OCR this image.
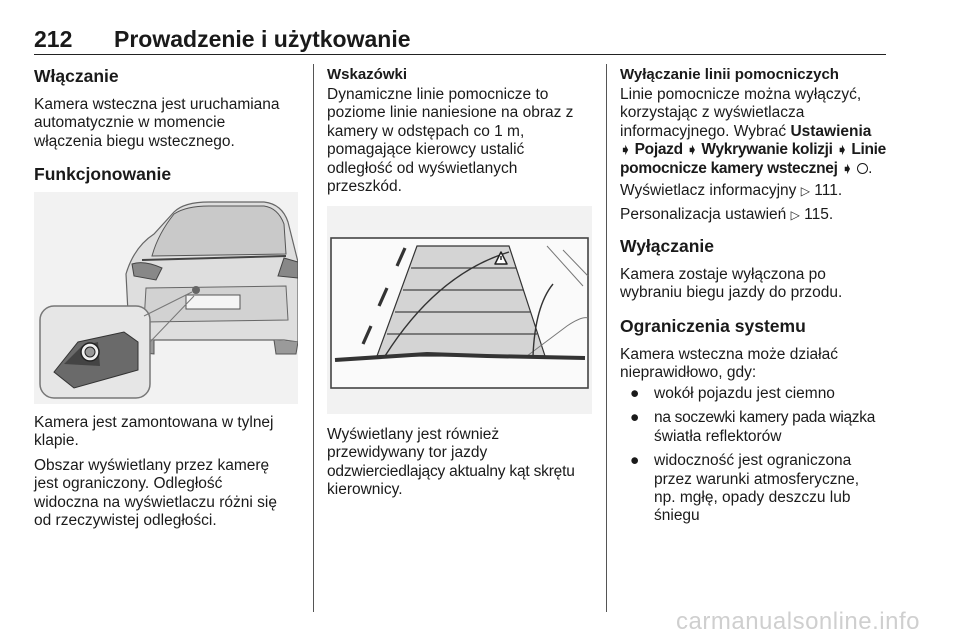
212 Prowadzenie i użytkowanie
Włączanie
Kamera wsteczna jest uruchamiana
automatycznie w momencie
włączenia biegu wstecznego.
Funkcjonowanie
Kamera jest zamontowana w tylnej
klapie.
Obszar wyświetlany przez kamerę
jest ograniczony. Odległość
widoczna na wyświetlaczu różni się
od rzeczywistej odległości.
Wskazówki
Dynamiczne linie pomocnicze to
poziome linie naniesione na obraz z
kamery w odstępach co 1 m,
pomagające kierowcy ustalić
odległość od wyświetlanych
przeszkód.
Wyświetlany jest również
przewidywany tor jazdy
odzwierciedlający aktualny kąt skrętu
kierownicy.
Wyłączanie linii pomocniczych
Linie pomocnicze można wyłączyć,
korzystając z wyświetlacza
informacyjnego. Wybrać Ustawienia
➧ Pojazd ➧ Wykrywanie kolizji ➧ Linie
pomocnicze kamery wstecznej ➧ .
Wyświetlacz informacyjny ▷ 111.
Personalizacja ustawień ▷ 115.
Wyłączanie
Kamera zostaje wyłączona po
wybraniu biegu jazdy do przodu.
Ograniczenia systemu
Kamera wsteczna może działać
nieprawidłowo, gdy:
● wokół pojazdu jest ciemno
● na soczewki kamery pada wiązka
światła reflektorów
● widoczność jest ograniczona
przez warunki atmosferyczne,
np. mgłę, opady deszczu lub
śniegu
carmanualsonline.info
